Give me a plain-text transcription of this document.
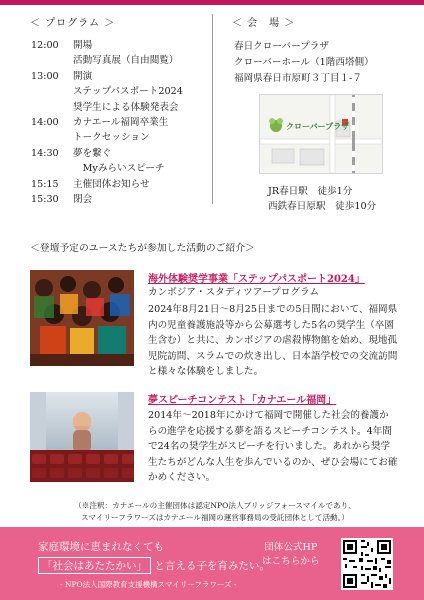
＜ プログラム ＞
12:00	開場
活動写真展（自由閲覧）
13:00	開演
ステップパスポート2024
奨学生による体験発表会
14:00	カナエール福岡卒業生
トークセッション
14:30	夢を繋ぐ
　Myみらいスピーチ
15:15	主催団体お知らせ
15:30	閉会
＜ 会　場 ＞
春日クローバープラザ
クローバーホール（1階西塔側）
福岡県春日市原町３丁目１-７
クローバープラザ
JR春日駅　徒歩1分
西鉄春日原駅　徒歩10分
＜登壇予定のユースたちが参加した活動のご紹介＞
海外体験奨学事業「ステップパスポート2024」
カンボジア・スタディツアープログラム
2024年8月21日〜8月25日までの5日間において、福岡県内の児童養護施設等から公募選考した5名の奨学生（卒園生含む）と共に、カンボジアの虐殺博物館を始め、現地孤児院訪問、スラムでの炊き出し、日本語学校での交流訪問と様々な体験をしました。
夢スピーチコンテスト「カナエール福岡」
2014年〜2018年にかけて福岡で開催した社会的養護からの進学を応援する夢を語るスピーチコンテスト。4年間で24名の奨学生がスピーチを行いました。あれから奨学生たちがどんな人生を歩んでいるのか、ぜひ会場にてお確かめください。
（※注釈：カナエールの主催団体は認定NPO法人ブリッジフォースマイルであり、
スマイリーフラワーズはカナエール福岡の運営事務局の受託団体として活動。）
家庭環境に恵まれなくても
「社会はあたたかい」 と言える子を育みたい。
- NPO法人国際教育支援機構スマイリーフラワーズ -
団体公式HP
はこちらから
